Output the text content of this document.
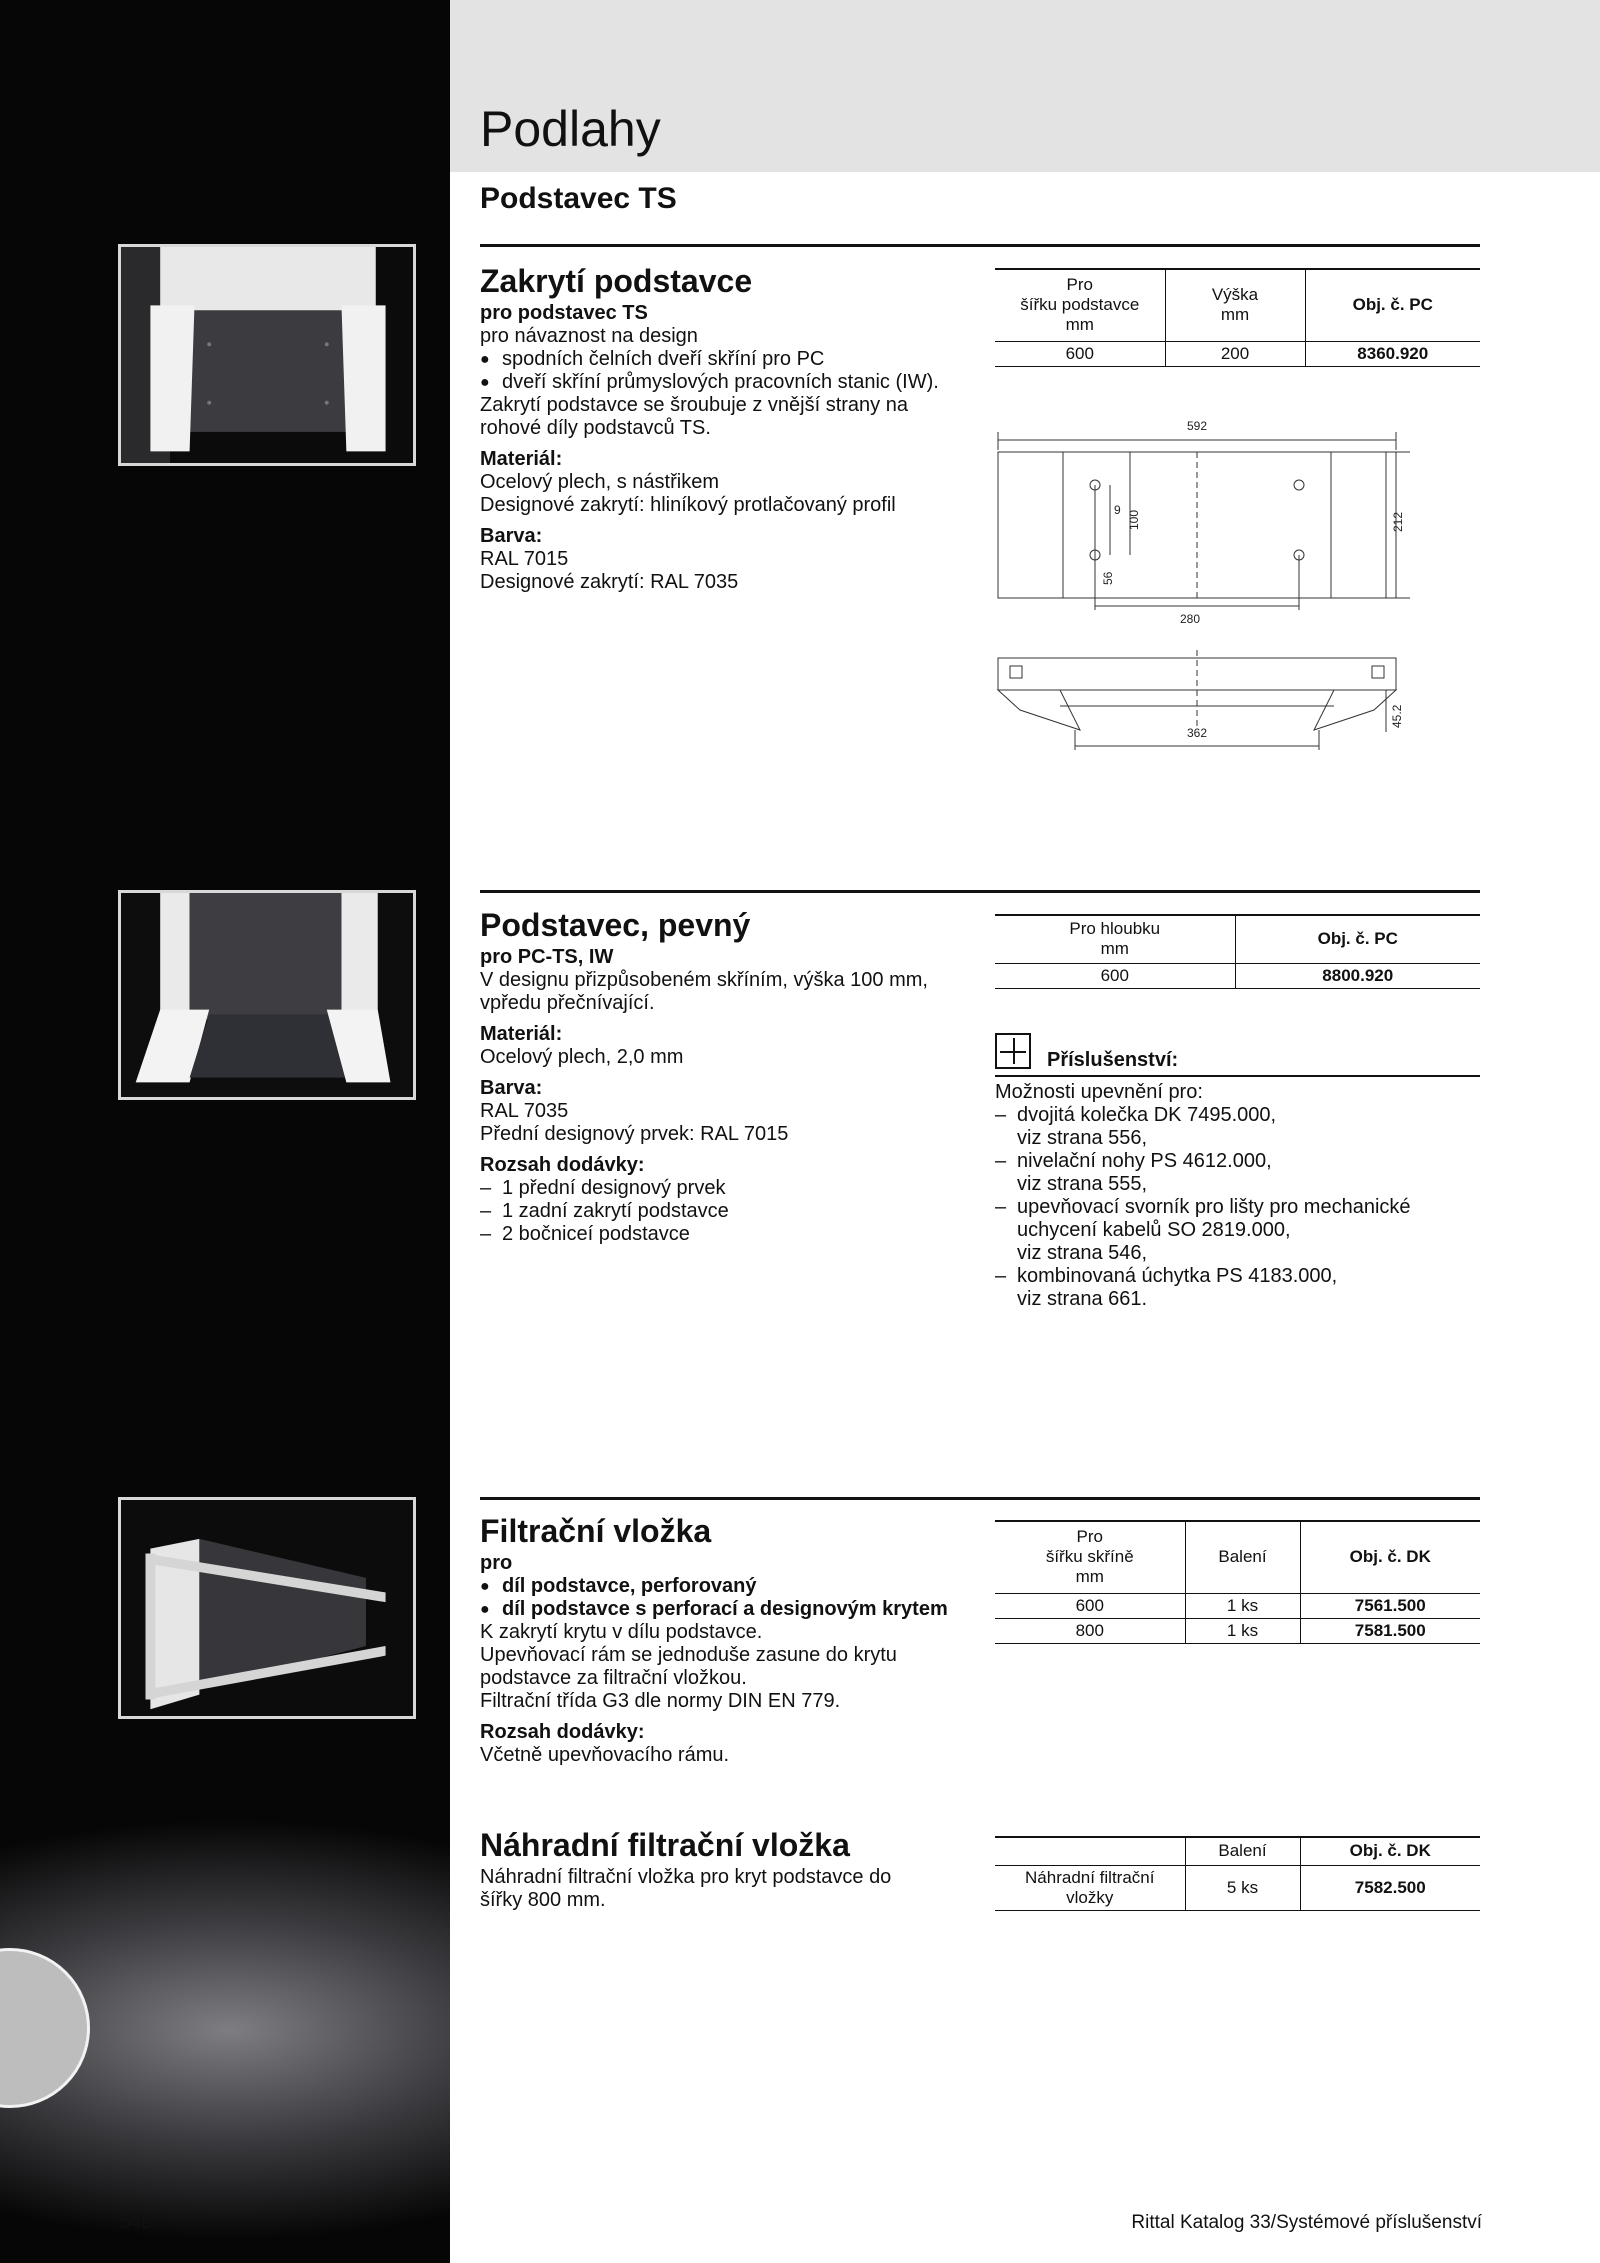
548
Podlahy
Podstavec TS
Zakrytí podstavce
pro podstavec TS
pro návaznost na design
● spodních čelních dveří skříní pro PC
● dveří skříní průmyslových pracovních stanic (IW).
Zakrytí podstavce se šroubuje z vnější strany na
rohové díly podstavců TS.
Materiál:
Ocelový plech, s nástřikem
Designové zakrytí: hliníkový protlačovaný profil
Barva:
RAL 7015
Designové zakrytí: RAL 7035
Pro
šířku podstavce
mm	Výška
mm	Obj. č. PC
600	200	8360.920
592
280
9 100
56
212
362
45.2
Podstavec, pevný
pro PC-TS, IW
V designu přizpůsobeném skříním, výška 100 mm,
vpředu přečnívající.
Materiál:
Ocelový plech, 2,0 mm
Barva:
RAL 7035
Přední designový prvek: RAL 7015
Rozsah dodávky:
– 1 přední designový prvek
– 1 zadní zakrytí podstavce
– 2 bočnicеí podstavce
Pro hloubku
mm	Obj. č. PC
600	8800.920
Příslušenství:
Možnosti upevnění pro:
– dvojitá kolečka DK 7495.000,
viz strana 556,
– nivelační nohy PS 4612.000,
viz strana 555,
– upevňovací svorník pro lišty pro mechanické
uchycení kabelů SO 2819.000,
viz strana 546,
– kombinovaná úchytka PS 4183.000,
viz strana 661.
Filtrační vložka
pro
● díl podstavce, perforovaný
● díl podstavce s perforací a designovým krytem
K zakrytí krytu v dílu podstavce.
Upevňovací rám se jednoduše zasune do krytu
podstavce za filtrační vložkou.
Filtrační třída G3 dle normy DIN EN 779.
Rozsah dodávky:
Včetně upevňovacího rámu.
Pro
šířku skříně
mm	Balení	Obj. č. DK
600	1 ks	7561.500
800	1 ks	7581.500
Náhradní filtrační vložka
Náhradní filtrační vložka pro kryt podstavce do
šířky 800 mm.
	Balení	Obj. č. DK
Náhradní filtrační
vložky	5 ks	7582.500
Rittal Katalog 33/Systémové příslušenství
